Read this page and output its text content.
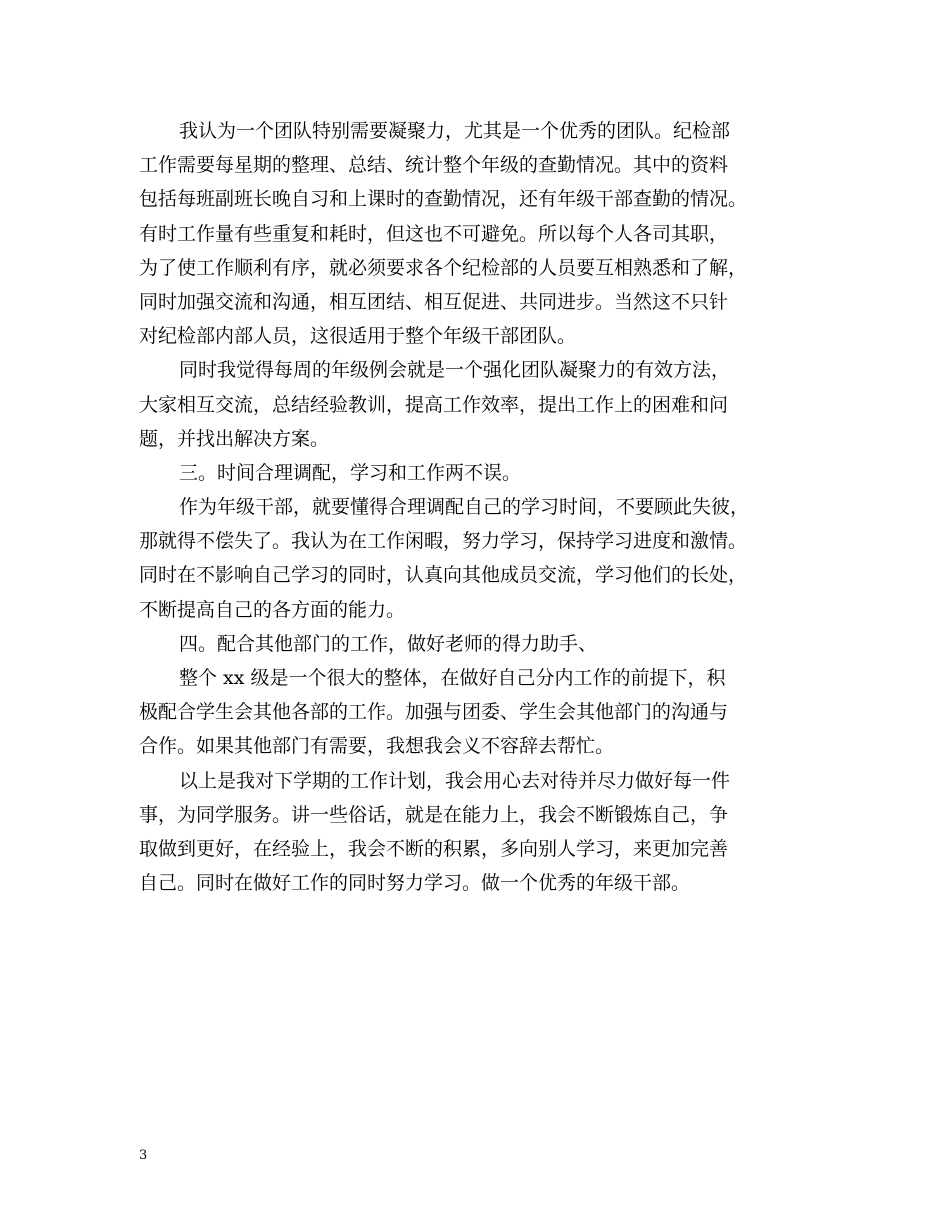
我认为一个团队特别需要凝聚力，尤其是一个优秀的团队。纪检部
工作需要每星期的整理、总结、统计整个年级的查勤情况。其中的资料
包括每班副班长晚自习和上课时的查勤情况，还有年级干部查勤的情况。
有时工作量有些重复和耗时，但这也不可避免。所以每个人各司其职，
为了使工作顺利有序，就必须要求各个纪检部的人员要互相熟悉和了解，
同时加强交流和沟通，相互团结、相互促进、共同进步。当然这不只针
对纪检部内部人员，这很适用于整个年级干部团队。
同时我觉得每周的年级例会就是一个强化团队凝聚力的有效方法，
大家相互交流，总结经验教训，提高工作效率，提出工作上的困难和问
题，并找出解决方案。
三。时间合理调配，学习和工作两不误。
作为年级干部，就要懂得合理调配自己的学习时间，不要顾此失彼，
那就得不偿失了。我认为在工作闲暇，努力学习，保持学习进度和激情。
同时在不影响自己学习的同时，认真向其他成员交流，学习他们的长处，
不断提高自己的各方面的能力。
四。配合其他部门的工作，做好老师的得力助手、
整个 xx 级是一个很大的整体，在做好自己分内工作的前提下，积
极配合学生会其他各部的工作。加强与团委、学生会其他部门的沟通与
合作。如果其他部门有需要，我想我会义不容辞去帮忙。
以上是我对下学期的工作计划，我会用心去对待并尽力做好每一件
事，为同学服务。讲一些俗话，就是在能力上，我会不断锻炼自己，争
取做到更好，在经验上，我会不断的积累，多向别人学习，来更加完善
自己。同时在做好工作的同时努力学习。做一个优秀的年级干部。
3
